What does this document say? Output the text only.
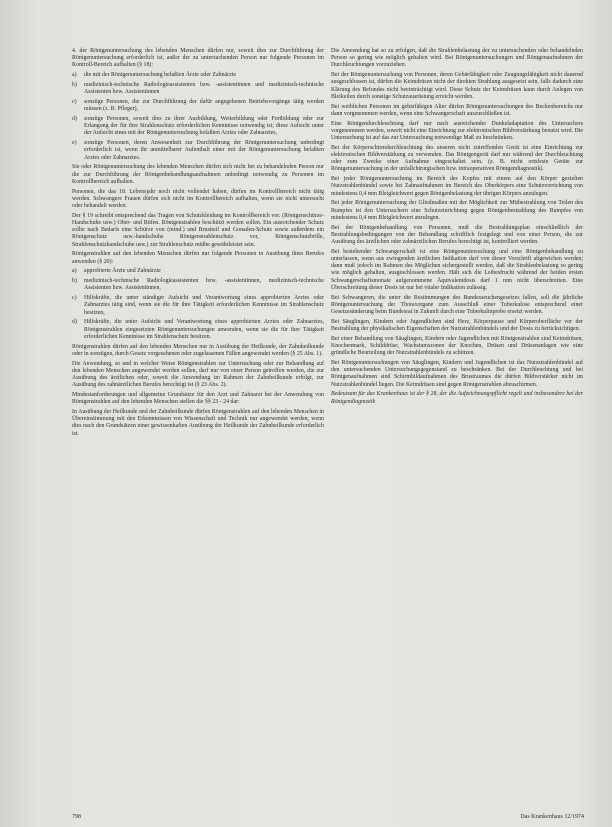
4. der Röntgenuntersuchung des lebenden Menschen dürfen nur, soweit dies zur Durchführung der Röntgenuntersuchung erforderlich ist, außer der zu untersuchenden Person nur folgende Personen im Kontroll-Bereich aufhalten (§ 18):

a)	die mit der Röntgenuntersuchung befaßten Ärzte oder Zahnärzte
b)	medizinisch-technische Radiologieassistenten bzw. -assistentinnen und medizinisch-technische Assistenten bzw. Assistentinnen
c)	sonstige Personen, die zur Durchführung der dafür angegebenen Betriebsvorgänge tätig werden müssen (z. B. Pfleger),
d)	sonstige Personen, soweit dies zu ihrer Ausbildung, Weiterbildung oder Fortbildung oder zur Erlangung der für ihre Strahlenschutz erforderlichen Kenntnisse notwendig ist; diese Aufsicht unter der Aufsicht eines mit der Röntgenuntersuchung befaßten Arztes oder Zahnarztes,
e)	sonstige Personen, deren Anwesenheit zur Durchführung der Röntgenuntersuchung unbedingt erforderlich ist, wenn ihr unmittelbarer Aufenthalt einer mit der Röntgenuntersuchung befaßten Arztes oder Zahnarztes.

Sie oder Röntgenuntersuchung des lebenden Menschen dürfen sich nicht bei zu behandelnden Person nur die zur Durchführung der Röntgenbehandlungsaufnahmen unbedingt notwendig zu Personen im Kontrollbereich aufhalten.

Personen, die das 18. Lebensjahr noch nicht vollendet haben, dürfen im Kontrollbereich nicht tätig werden. Schwangere Frauen dürfen sich nicht im Kontrollbereich aufhalten, wenn sie nicht untersucht oder behandelt werden.

Der § 19 schreibt entsprechend das Tragen von Schutzkleidung im Kontrollbereich vor. (Röntgenschürze-Handschuhe usw.) Ober- und Rüfen. Röntgenstrahlen beschützt werden sollen. Ein ausreichender Schutz sollte nach Bedarfs eine Schürze von (mind.) und Brustteil und Gonaden-Schutz sowie außerdem ein Röntgenschutz usw.-handschuhe Röntgenstrahlenschutz vor, Röntgenschutzbrille, Strahlenschutzhandschuhe usw.) zur Strahlenschutz müßte gewährleistet sein.

Röntgenstrahlen auf den lebenden Menschen dürfen nur folgende Personen in Ausübung ihres Berufes anwenden (§ 20):

a)	approbierte Ärzte und Zahnärzte
b)	medizinisch-technische Radiologieassistenten bzw. -assistentinnen, medizinisch-technische Assistenten bzw. Assistentinnen,
c)	Hilfskräfte, die unter ständiger Aufsicht und Verantwortung eines approbierten Arztes oder Zahnarztes tätig sind, wenn sie die für ihre Tätigkeit erforderlichen Kenntnisse im Strahlenschutz besitzen,
d)	Hilfskräfte, die unter Aufsicht und Verantwortung eines approbierten Arztes oder Zahnarztes, Röntgenstrahlen eingesetzten Röntgenuntersuchungen anwenden, wenn sie die für ihre Tätigkeit erforderlichen Kenntnisse im Strahlenschutz besitzen.

Röntgenstrahlen dürfen auf den lebenden Menschen nur in Ausübung der Heilkunde, der Zahnheilkunde oder in sonstigen, durch Gesetz vorgesehenen oder zugelassenen Fällen angewendet werden (§ 25 Abs. 1).

Die Anwendung, so und in welcher Weise Röntgenstrahlen zur Untersuchung oder zur Behandlung auf den lebenden Menschen angewendet werden sollen, darf nur von einer Person getroffen werden, die zur Ausübung des ärztlichen oder, soweit die Anwendung im Rahmen der Zahnheilkunde erfolgt, zur Ausübung des zahnärztlichen Berufes berechtigt ist (§ 23 Abs. 2).

Mindestanforderungen und allgemeine Grundsätze für den Arzt und Zahnarzt bei der Anwendung von Röntgenstrahlen auf den lebenden Menschen stellen die §§ 23 - 24 dar:

In Ausübung der Heilkunde und der Zahnheilkunde dürfen Röntgenstrahlen auf den lebenden Menschen in Übereinstimmung mit den Erkenntnissen von Wissenschaft und Technik nur angewendet werden, wenn dies nach den Grundsätzen einer gewissenhaften Ausübung der Heilkunde der Zahnheilkunde erforderlich ist.

Die Anwendung hat so zu erfolgen, daß die Strahlenbelastung der zu untersuchenden oder behandelnden Person so gering wie möglich gehalten wird. Bei Röntgenuntersuchungen und Röntgenaufnahmen der Durchleuchtungen vorzuziehen.

Bei der Röntgenuntersuchung von Personen, deren Gebärfähigkeit oder Zeugungsfähigkeit nicht dauernd ausgeschlossen ist, dürfen die Keimdrüsen nicht der direkten Strahlung ausgesetzt sein, falls dadurch eine Klärung des Befundes nicht beeinträchtigt wird. Diese Schutz der Keimdrüsen kann durch Anlegen von Bleikeilen durch sonstige Schutzausrüstung erreicht werden.

Bei weiblichen Personen im gebärfähigen Alter dürfen Röntgenuntersuchungen des Beckenbereichs nur dann vorgenommen werden, wenn eine Schwangerschaft auszuschließen ist.

Eine Röntgendurchleuchtung darf nur nach ausreichender Dunkeladaptation des Untersuchers vorgenommen werden, soweit nicht eine Einrichtung zur elektronischen Bildverstärkung benutzt wird. Die Untersuchung ist auf das zur Untersuchung notwendige Maß zu beschränken.

Bei der Körperschirmdurchleuchtung des unseren nicht zutreffenden Gerät ist eine Einrichtung zur elektronischen Bildverstärkung zu verwenden. Das Röntgengerät darf nur während der Durchleuchtung oder zum Zwecke einer Aufnahme eingeschaltet sein. (z. B. nicht ortsfeste Geräte zur Röntgenuntersuchung in der unfallchirurgischen bzw. intraoperativen Röntgendiagnostik).

Bei jeder Röntgenuntersuchung im Bereich des Kopfes mit einem auf den Körper gezielten Nutzstrahlenbündel sowie bei Zahnaufnahmen im Bereich des Oberkörpers eine Schutzvorrichtung von mindestens 0,4 mm Bleigleichwert gegen Röntgenbelastung der übrigen Körpers anzulegen.

Bei jeder Röntgenuntersuchung der Gliedmaßen mit der Möglichkeit zur Mitbestrahlung von Teilen des Rumpfes ist den Untersuchern eine Schutzeinrichtung gegen Röntgenbestrahlung des Rumpfes von mindestens 0,4 mm Bleigleichwert anzulegen.

Bei der Röntgenbehandlung von Personen, muß die Bestrahlungsplan einschließlich der Bestrahlungsbedingungen von der Behandlung schriftlich festgelegt und von einer Person, die zur Ausübung des ärztlichen oder zahnärztlichen Berufes berechtigt ist, kontrolliert werden.

Bei bestehender Schwangerschaft ist eine Röntgenuntersuchung und eine Röntgenbehandlung zu unterlassen, wenn aus zwingenden ärztlichen Indikation darf von dieser Vorschrift abgewichen werden; dann muß jedoch im Rahmen des Möglichen sichergestellt werden, daß die Strahlenbelastung so gering wie möglich gehalten, ausgeschlossen werden. Hält sich die Leibesfrucht während der beiden ersten Schwangerschaftsmonate aufgenommene Äquivalentdosis darf 1 rem nicht überschreiten. Eine Überschreitung dieser Dosis ist nur bei vitaler Indikation zulässig.

Bei Schwangeren, die unter die Bestimmungen des Bundesseuchengesetzes fallen, soll die jährliche Röntgenuntersuchung der Thoraxorgane zum Ausschluß einer Tuberkulose entsprechend einer Gesetzesänderung beim Bundesrat in Zukunft durch eine Tuberkulinprobe ersetzt werden.

Bei Säuglingen, Kindern oder Jugendlichen sind Herz, Körperpause und Körperoberfläche vor der Bestrahlung der physikalischen Eigenschaften der Nutzstrahlenbündels und der Dosis zu berücksichtigen.

Bei einer Behandlung von Säuglingen, Kindern oder Jugendlichen mit Röntgenstrahlen sind Keimdrüsen, Knochenmark, Schilddrüse, Wachstumszonen der Knochen, Drüsen und Drüsenanlagen wie eine gründliche Beurteilung der Nutzstrahlenbündels zu schützen.

Bei Röntgenuntersuchungen von Säuglingen, Kindern und Jugendlichen ist das Nutzstrahlenbündel auf den untersuchenden Untersuchungsgegenstand zu beschränken. Bei der Durchleuchtung und bei Röntgenaufnahmen sind Schirmbildaufnahmen des Brustraumes die dürfen Bildverstärker nicht im Nutzstrahlenbündel liegen. Die Keimdrüsen sind gegen Röntgenstrahlen abzuschirmen.

Bedeutsam für das Krankenhaus ist der § 28, der die Aufzeichnungspflicht regelt und insbesondere bei der Röntgendiagnostik

798	Das Krankenhaus 12/1974
